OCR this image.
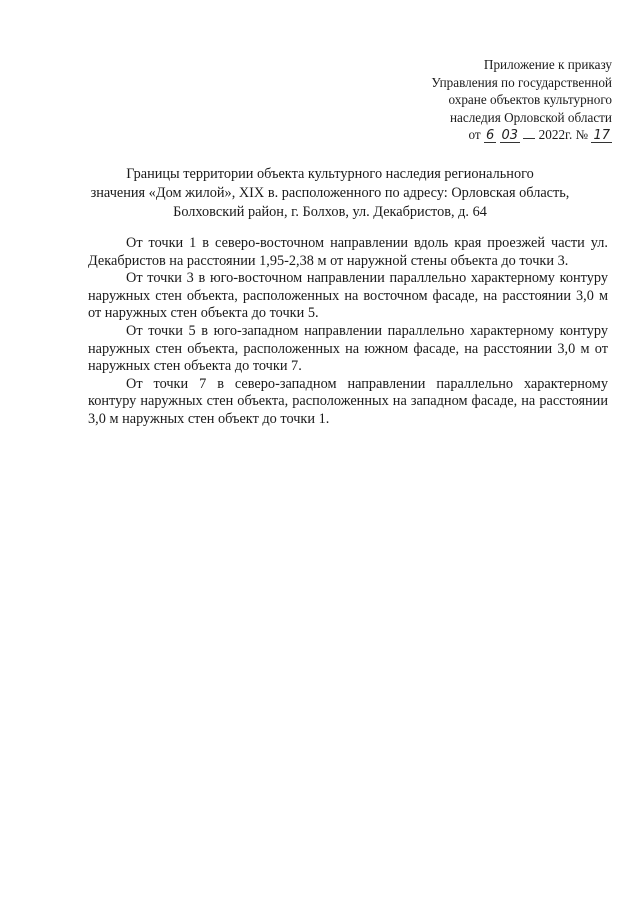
Приложение к приказу
Управления по государственной
охране объектов культурного
наследия Орловской области
от 6 03 2022г. № 17
Границы территории объекта культурного наследия регионального
значения «Дом жилой», XIX в. расположенного по адресу: Орловская область,
Болховский район, г. Болхов, ул. Декабристов, д. 64

От точки 1 в северо-восточном направлении вдоль края проезжей части ул. Декабристов на расстоянии 1,95-2,38 м от наружной стены объекта до точки 3.

От точки 3 в юго-восточном направлении параллельно характерному контуру наружных стен объекта, расположенных на восточном фасаде, на расстоянии 3,0 м от наружных стен объекта до точки 5.

От точки 5 в юго-западном направлении параллельно характерному контуру наружных стен объекта, расположенных на южном фасаде, на расстоянии 3,0 м от наружных стен объекта до точки 7.

От точки 7 в северо-западном направлении параллельно характерному контуру наружных стен объекта, расположенных на западном фасаде, на расстоянии 3,0 м наружных стен объект до точки 1.
